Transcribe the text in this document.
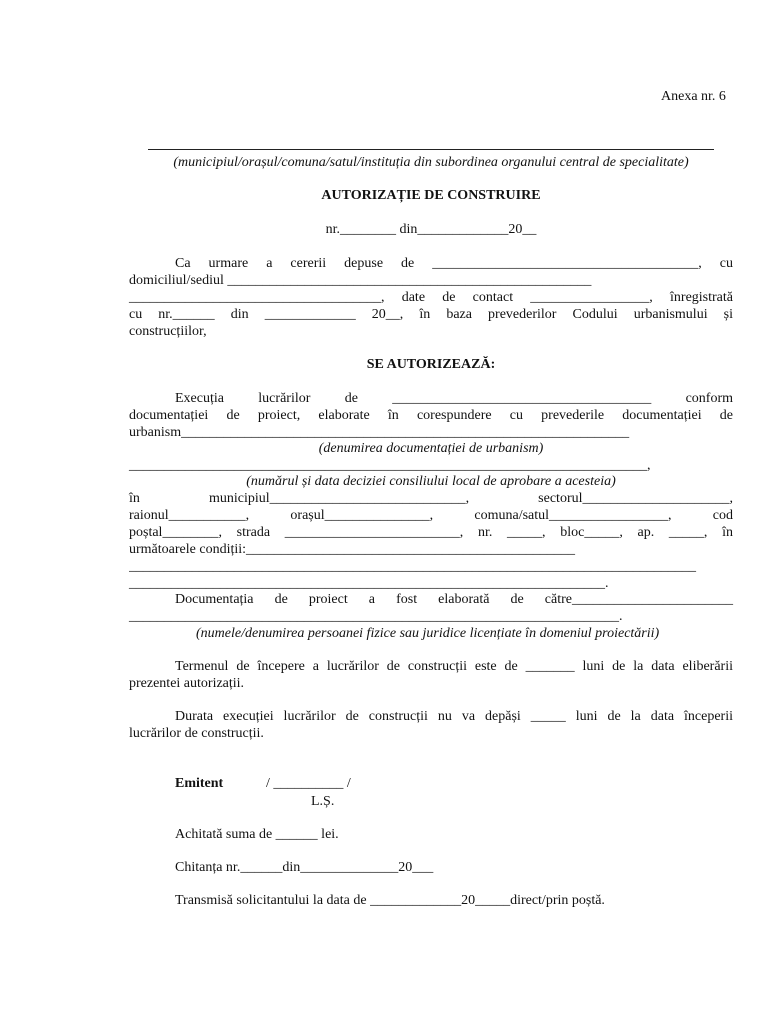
Anexa nr. 6
(municipiul/orașul/comuna/satul/instituția din subordinea organului central de specialitate)
AUTORIZAȚIE DE CONSTRUIRE
nr.________ din_____________20__
Ca urmare a cererii depuse de ______________________________________, cu
domiciliul/sediul ____________________________________________________
____________________________________, date de contact _________________, înregistrată
cu nr.______ din _____________ 20__, în baza prevederilor Codului urbanismului și
construcțiilor,
SE AUTORIZEAZĂ:
Execuția lucrărilor de _____________________________________ conform
documentației de proiect, elaborate în corespundere cu prevederile documentației de
urbanism________________________________________________________________
(denumirea documentației de urbanism)
__________________________________________________________________________,
(numărul și data deciziei consiliului local de aprobare a acesteia)
în municipiul____________________________, sectorul_____________________,
raionul___________, orașul_______________, comuna/satul_________________, cod
poștal________, strada _________________________, nr. _____, bloc_____, ap. _____, în
următoarele condiții:_______________________________________________
_________________________________________________________________________________
____________________________________________________________________.
Documentația de proiect a fost elaborată de către_______________________
______________________________________________________________________.
(numele/denumirea persoanei fizice sau juridice licențiate în domeniul proiectării)
Termenul de începere a lucrărilor de construcții este de _______ luni de la data eliberării
prezentei autorizații.
Durata execuției lucrărilor de construcții nu va depăși _____ luni de la data începerii
lucrărilor de construcții.
Emitent	/ __________ /
L.Ș.
Achitată suma de ______ lei.
Chitanța nr.______din______________20___
Transmisă solicitantului la data de _____________20_____direct/prin poștă.
